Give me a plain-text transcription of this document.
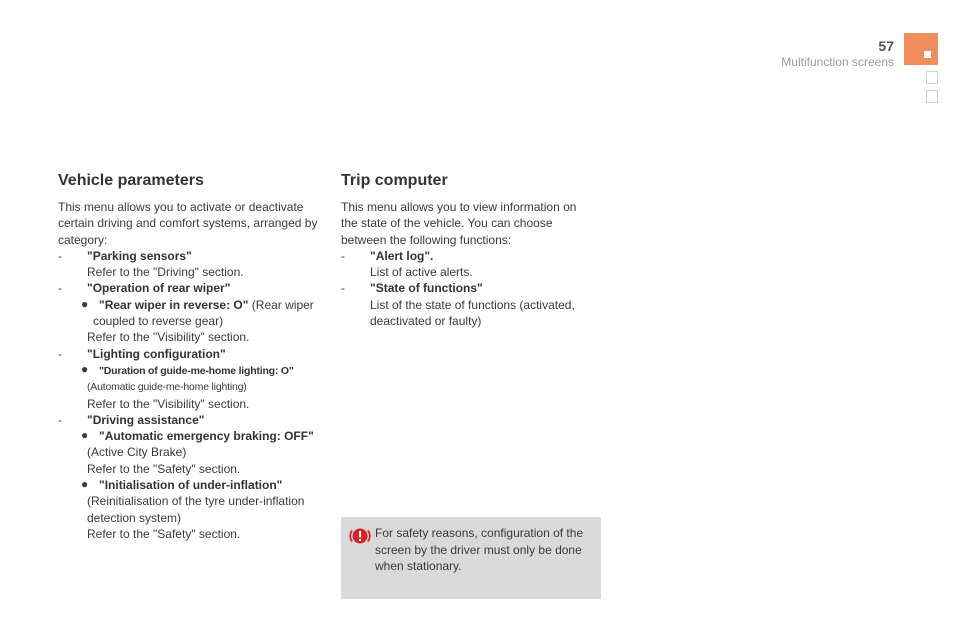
57
Multifunction screens
Vehicle parameters

This menu allows you to activate or deactivate certain driving and comfort systems, arranged by category:

- "Parking sensors"
Refer to the "Driving" section.
- "Operation of rear wiper"
● "Rear wiper in reverse: O" (Rear wiper coupled to reverse gear)
Refer to the "Visibility" section.
- "Lighting configuration"
● "Duration of guide-me-home lighting: O"
(Automatic guide-me-home lighting)
Refer to the "Visibility" section.
- "Driving assistance"
● "Automatic emergency braking: OFF"
(Active City Brake)
Refer to the "Safety" section.
● "Initialisation of under-inflation"
(Reinitialisation of the tyre under-inflation detection system)
Refer to the "Safety" section.
Trip computer

This menu allows you to view information on the state of the vehicle. You can choose between the following functions:

- "Alert log".
List of active alerts.
- "State of functions"
List of the state of functions (activated, deactivated or faulty)
For safety reasons, configuration of the screen by the driver must only be done when stationary.
